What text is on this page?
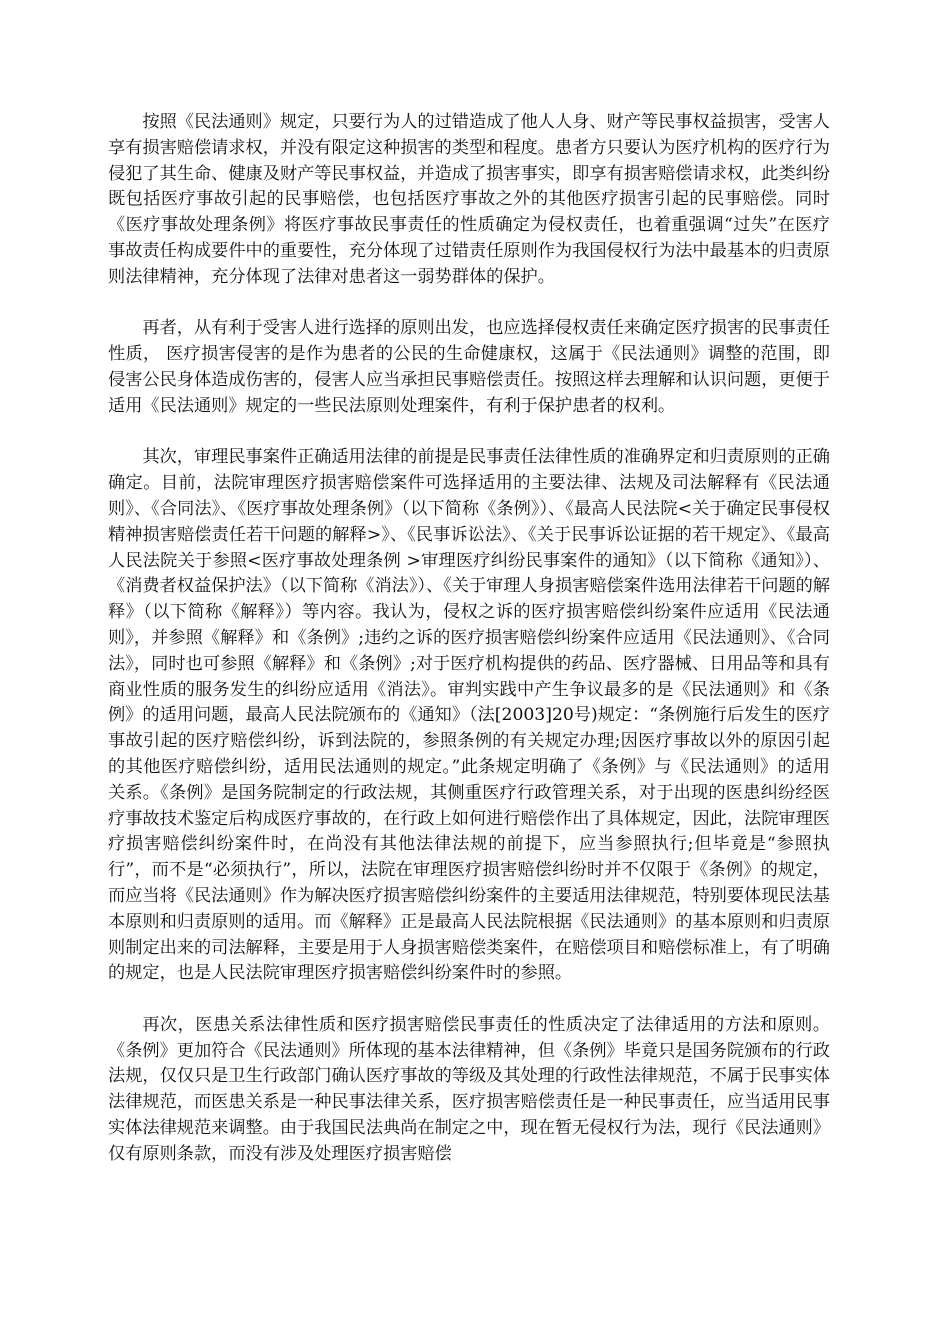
按照《民法通则》规定，只要行为人的过错造成了他人人身、财产等民事权益损害，受害人享有损害赔偿请求权，并没有限定这种损害的类型和程度。患者方只要认为医疗机构的医疗行为侵犯了其生命、健康及财产等民事权益，并造成了损害事实，即享有损害赔偿请求权，此类纠纷既包括医疗事故引起的民事赔偿，也包括医疗事故之外的其他医疗损害引起的民事赔偿。同时《医疗事故处理条例》将医疗事故民事责任的性质确定为侵权责任，也着重强调“过失”在医疗事故责任构成要件中的重要性，充分体现了过错责任原则作为我国侵权行为法中最基本的归责原则法律精神，充分体现了法律对患者这一弱势群体的保护。

再者，从有利于受害人进行选择的原则出发，也应选择侵权责任来确定医疗损害的民事责任性质， 医疗损害侵害的是作为患者的公民的生命健康权，这属于《民法通则》调整的范围，即侵害公民身体造成伤害的，侵害人应当承担民事赔偿责任。按照这样去理解和认识问题，更便于适用《民法通则》规定的一些民法原则处理案件，有利于保护患者的权利。

其次，审理民事案件正确适用法律的前提是民事责任法律性质的准确界定和归责原则的正确确定。目前，法院审理医疗损害赔偿案件可选择适用的主要法律、法规及司法解释有《民法通则》、《合同法》、《医疗事故处理条例》（以下简称《条例》）、《最高人民法院<关于确定民事侵权精神损害赔偿责任若干问题的解释>》、《民事诉讼法》、《关于民事诉讼证据的若干规定》、《最高人民法院关于参照<医疗事故处理条例 >审理医疗纠纷民事案件的通知》（以下简称《通知》）、《消费者权益保护法》（以下简称《消法》）、《关于审理人身损害赔偿案件选用法律若干问题的解释》（以下简称《解释》）等内容。我认为，侵权之诉的医疗损害赔偿纠纷案件应适用《民法通则》，并参照《解释》和《条例》;违约之诉的医疗损害赔偿纠纷案件应适用《民法通则》、《合同法》，同时也可参照《解释》和《条例》;对于医疗机构提供的药品、医疗器械、日用品等和具有商业性质的服务发生的纠纷应适用《消法》。审判实践中产生争议最多的是《民法通则》和《条例》的适用问题，最高人民法院颁布的《通知》（法[2003]20号)规定：“条例施行后发生的医疗事故引起的医疗赔偿纠纷，诉到法院的，参照条例的有关规定办理;因医疗事故以外的原因引起的其他医疗赔偿纠纷，适用民法通则的规定。”此条规定明确了《条例》与《民法通则》的适用关系。《条例》是国务院制定的行政法规，其侧重医疗行政管理关系，对于出现的医患纠纷经医疗事故技术鉴定后构成医疗事故的，在行政上如何进行赔偿作出了具体规定，因此，法院审理医疗损害赔偿纠纷案件时，在尚没有其他法律法规的前提下，应当参照执行;但毕竟是“参照执行”，而不是“必须执行”，所以，法院在审理医疗损害赔偿纠纷时并不仅限于《条例》的规定，而应当将《民法通则》作为解决医疗损害赔偿纠纷案件的主要适用法律规范，特别要体现民法基本原则和归责原则的适用。而《解释》正是最高人民法院根据《民法通则》的基本原则和归责原则制定出来的司法解释，主要是用于人身损害赔偿类案件，在赔偿项目和赔偿标准上，有了明确的规定，也是人民法院审理医疗损害赔偿纠纷案件时的参照。

再次，医患关系法律性质和医疗损害赔偿民事责任的性质决定了法律适用的方法和原则。《条例》更加符合《民法通则》所体现的基本法律精神，但《条例》毕竟只是国务院颁布的行政法规，仅仅只是卫生行政部门确认医疗事故的等级及其处理的行政性法律规范，不属于民事实体法律规范，而医患关系是一种民事法律关系，医疗损害赔偿责任是一种民事责任，应当适用民事实体法律规范来调整。由于我国民法典尚在制定之中，现在暂无侵权行为法，现行《民法通则》仅有原则条款，而没有涉及处理医疗损害赔偿
